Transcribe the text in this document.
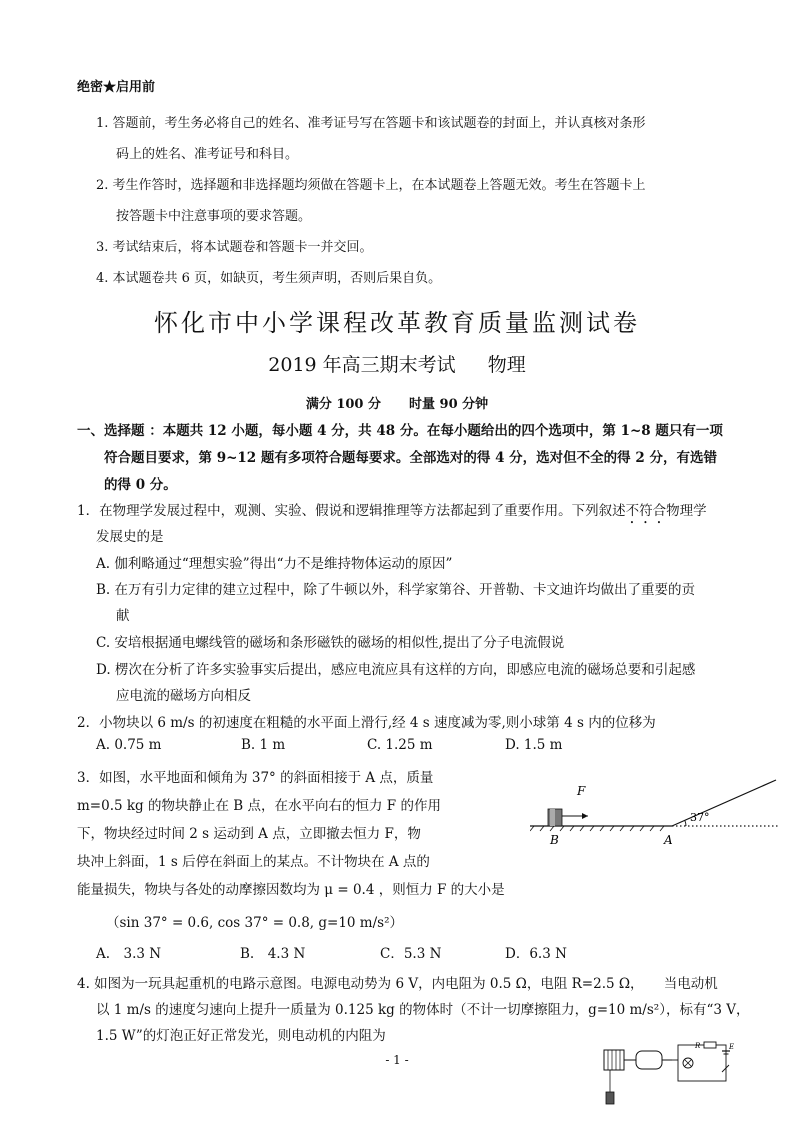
绝密★启用前
1. 答题前，考生务必将自己的姓名、准考证号写在答题卡和该试题卷的封面上，并认真核对条形
码上的姓名、准考证号和科目。
2. 考生作答时，选择题和非选择题均须做在答题卡上，在本试题卷上答题无效。考生在答题卡上
按答题卡中注意事项的要求答题。
3. 考试结束后，将本试题卷和答题卡一并交回。
4. 本试题卷共 6 页，如缺页，考生须声明，否则后果自负。
怀化市中小学课程改革教育质量监测试卷
2019 年高三期末考试 物理
满分 100 分 时量 90 分钟
一、选择题 ：本题共 12 小题，每小题 4 分，共 48 分。在每小题给出的四个选项中，第 1~8 题只有一项
符合题目要求，第 9~12 题有多项符合题每要求。全部选对的得 4 分，选对但不全的得 2 分，有选错
的得 0 分。
1．在物理学发展过程中，观测、实验、假说和逻辑推理等方法都起到了重要作用。下列叙述不符合物理学
发展史的是
A. 伽利略通过“理想实验”得出“力不是维持物体运动的原因”
B. 在万有引力定律的建立过程中，除了牛顿以外，科学家第谷、开普勒、卡文迪许均做出了重要的贡
献
C. 安培根据通电螺线管的磁场和条形磁铁的磁场的相似性,提出了分子电流假说
D. 楞次在分析了许多实验事实后提出，感应电流应具有这样的方向，即感应电流的磁场总要和引起感
应电流的磁场方向相反
2．小物块以 6 m/s 的初速度在粗糙的水平面上滑行,经 4 s 速度减为零,则小球第 4 s 内的位移为
A. 0.75 m	B. 1 m	C. 1.25 m	D. 1.5 m
3．如图，水平地面和倾角为 37° 的斜面相接于 A 点，质量
m=0.5 kg 的物块静止在 B 点，在水平向右的恒力 F 的作用
下，物块经过时间 2 s 运动到 A 点，立即撤去恒力 F，物
块冲上斜面，1 s 后停在斜面上的某点。不计物块在 A 点的
能量损失，物块与各处的动摩擦因数均为 μ = 0.4 ，则恒力 F 的大小是
（sin 37° = 0.6, cos 37° = 0.8, g=10 m/s²）
A.　3.3 N	B.　4.3 N	C．5.3 N	D．6.3 N
F
37°
B	A
4. 如图为一玩具起重机的电路示意图。电源电动势为 6 V，内电阻为 0.5 Ω，电阻 R=2.5 Ω，　　当电动机
以 1 m/s 的速度匀速向上提升一质量为 0.125 kg 的物体时（不计一切摩擦阻力，g=10 m/s²），标有“3 V，
1.5 W”的灯泡正好正常发光，则电动机的内阻为
R	E
- 1 -
